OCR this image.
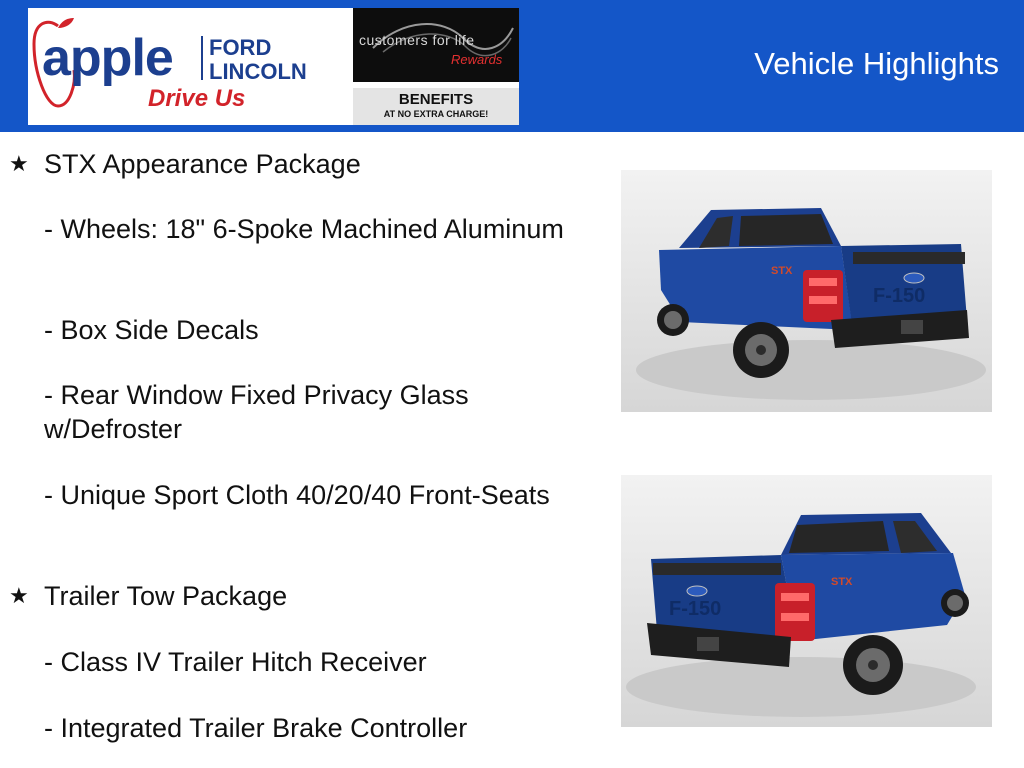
apple FORD
LINCOLN
Drive Us
customers for life
Rewards
BENEFITS
AT NO EXTRA CHARGE!
Vehicle Highlights
★ STX Appearance Package
- Wheels: 18" 6-Spoke Machined Aluminum
- Box Side Decals
- Rear Window Fixed Privacy Glass w/Defroster
- Unique Sport Cloth 40/20/40 Front-Seats
★ Trailer Tow Package
- Class IV Trailer Hitch Receiver
- Integrated Trailer Brake Controller
F-150
STX
F-150
STX
